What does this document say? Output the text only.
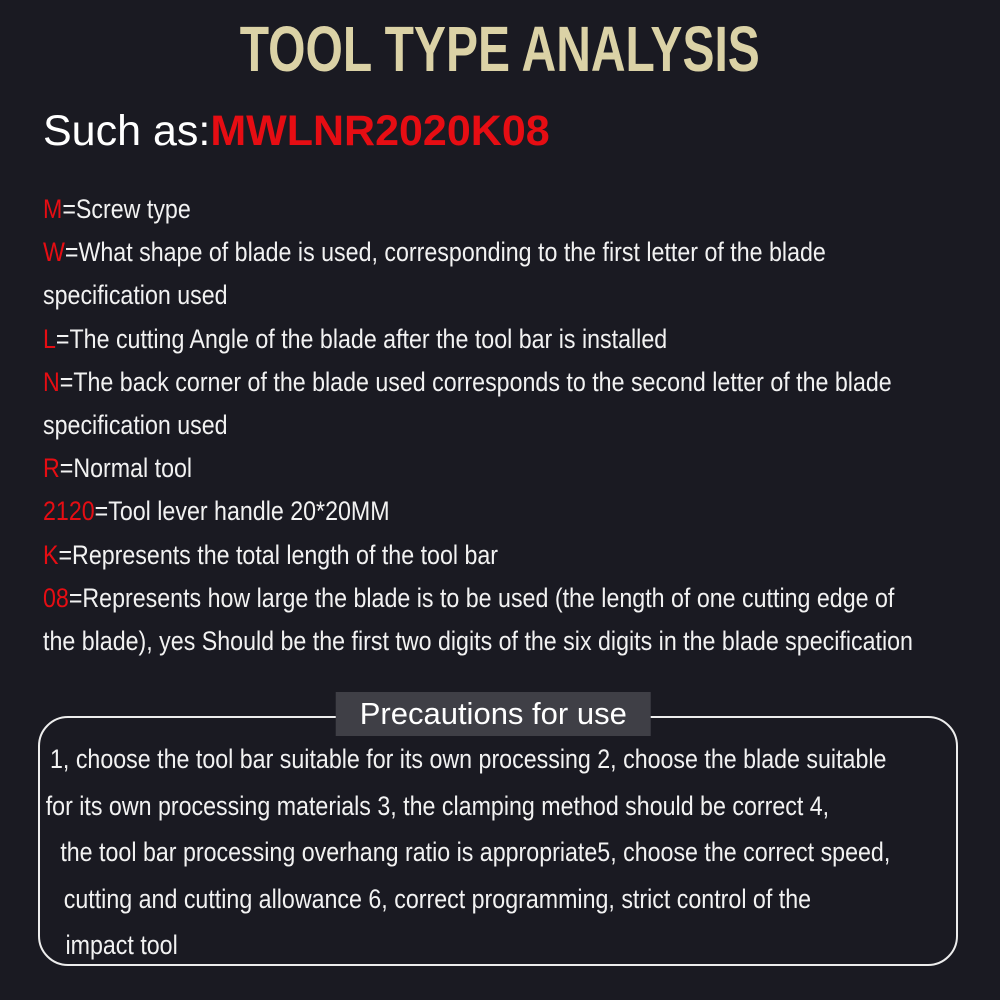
TOOL TYPE ANALYSIS
Such as:MWLNR2020K08
M=Screw type
W=What shape of blade is used, corresponding to the first letter of the blade
specification used
L=The cutting Angle of the blade after the tool bar is installed
N=The back corner of the blade used corresponds to the second letter of the blade
specification used
R=Normal tool
2120=Tool lever handle 20*20MM
K=Represents the total length of the tool bar
08=Represents how large the blade is to be used (the length of one cutting edge of
the blade), yes Should be the first two digits of the six digits in the blade specification
Precautions for use
1, choose the tool bar suitable for its own processing 2, choose the blade suitable
for its own processing materials 3, the clamping method should be correct 4,
the tool bar processing overhang ratio is appropriate5, choose the correct speed,
cutting and cutting allowance 6, correct programming, strict control of the
impact tool
